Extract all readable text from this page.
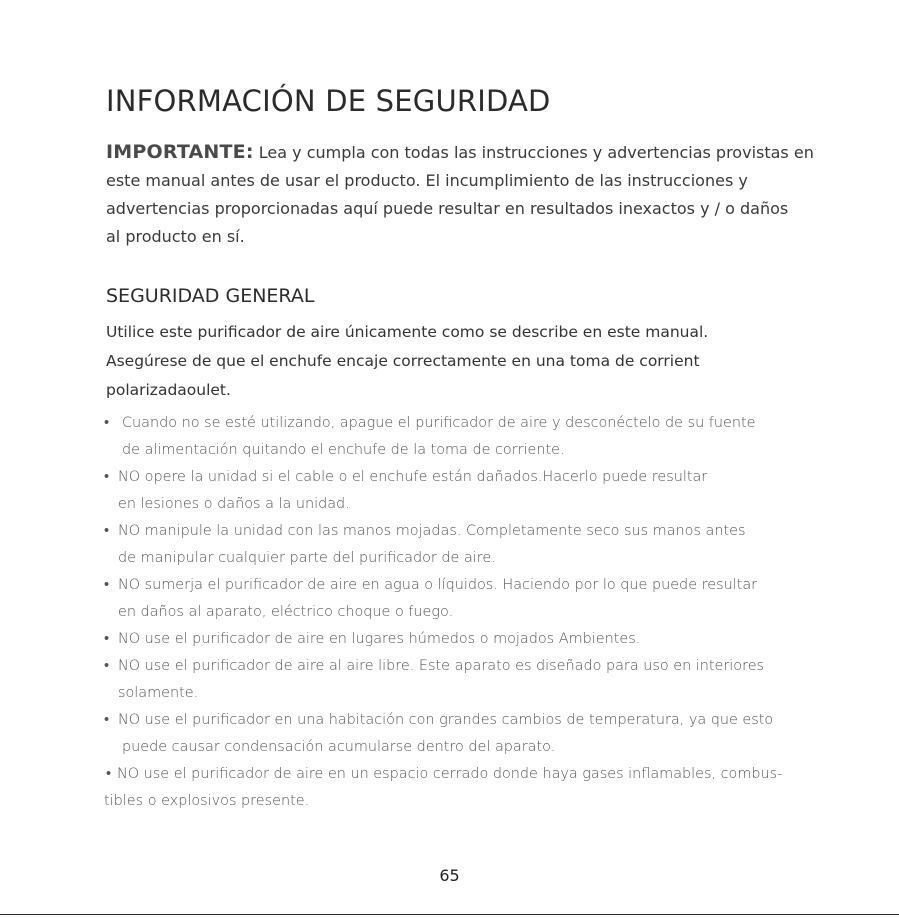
INFORMACIÓN DE SEGURIDAD

IMPORTANTE: Lea y cumpla con todas las instrucciones y advertencias provistas en
este manual antes de usar el producto. El incumplimiento de las instrucciones y
advertencias proporcionadas aquí puede resultar en resultados inexactos y / o daños
al producto en sí.

SEGURIDAD GENERAL
Utilice este purificador de aire únicamente como se describe en este manual.
Asegúrese de que el enchufe encaje correctamente en una toma de corrient
polarizadaoulet.
• Cuando no se esté utilizando, apague el purificador de aire y desconéctelo de su fuente
de alimentación quitando el enchufe de la toma de corriente.
• NO opere la unidad si el cable o el enchufe están dañados.Hacerlo puede resultar
en lesiones o daños a la unidad.
• NO manipule la unidad con las manos mojadas. Completamente seco sus manos antes
de manipular cualquier parte del purificador de aire.
• NO sumerja el purificador de aire en agua o líquidos. Haciendo por lo que puede resultar
en daños al aparato, eléctrico choque o fuego.
• NO use el purificador de aire en lugares húmedos o mojados Ambientes.
• NO use el purificador de aire al aire libre. Este aparato es diseñado para uso en interiores
solamente.
• NO use el purificador en una habitación con grandes cambios de temperatura, ya que esto
puede causar condensación acumularse dentro del aparato.
• NO use el purificador de aire en un espacio cerrado donde haya gases inflamables, combus-
tibles o explosivos presente.
65
